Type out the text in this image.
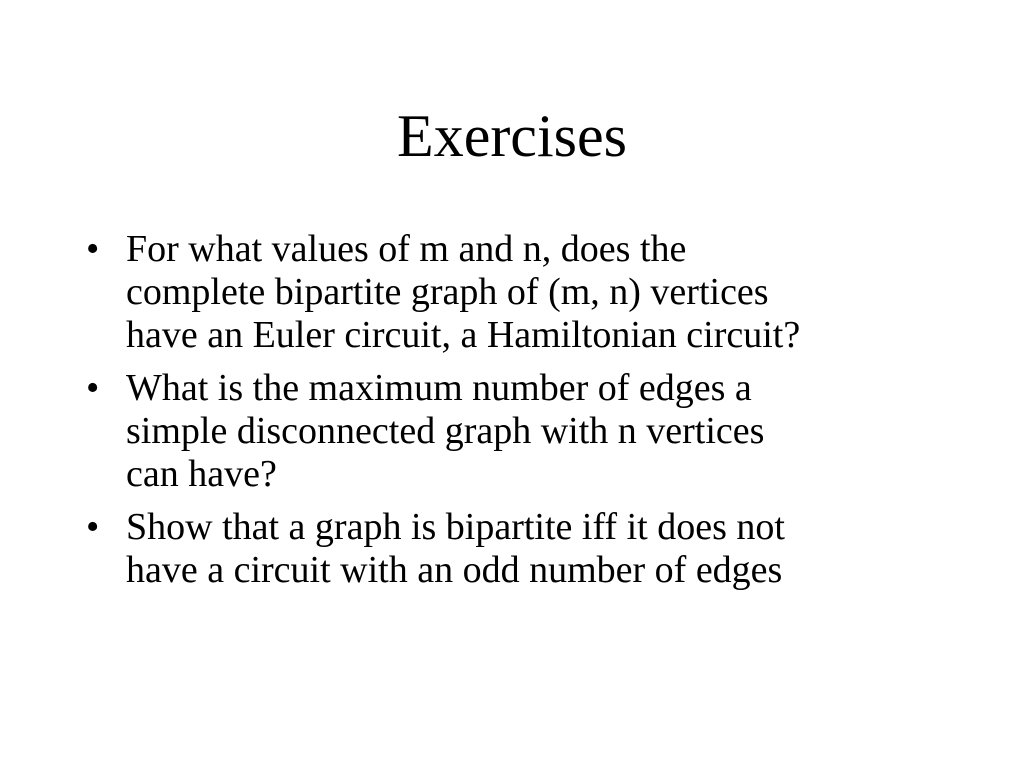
Exercises
• For what values of m and n, does the
complete bipartite graph of (m, n) vertices
have an Euler circuit, a Hamiltonian circuit?
• What is the maximum number of edges a
simple disconnected graph with n vertices
can have?
• Show that a graph is bipartite iff it does not
have a circuit with an odd number of edges
